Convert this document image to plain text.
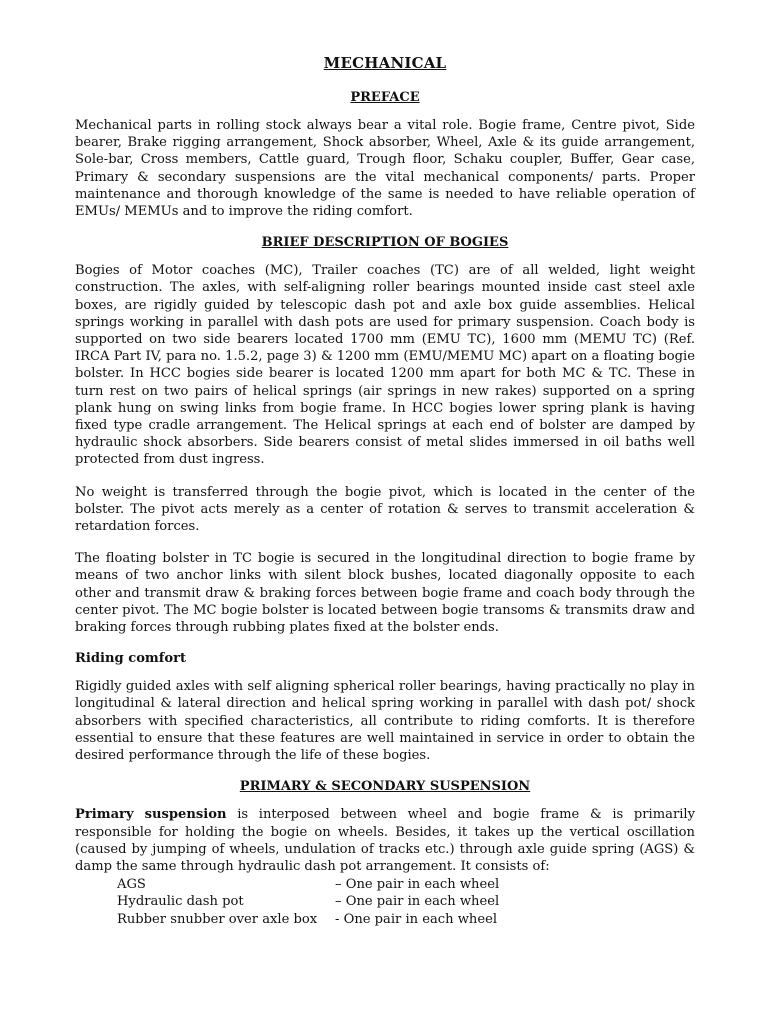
MECHANICAL
PREFACE

Mechanical parts in rolling stock always bear a vital role. Bogie frame, Centre pivot, Side bearer, Brake rigging arrangement, Shock absorber, Wheel, Axle & its guide arrangement, Sole-bar, Cross members, Cattle guard, Trough floor, Schaku coupler, Buffer, Gear case, Primary & secondary suspensions are the vital mechanical components/ parts. Proper maintenance and thorough knowledge of the same is needed to have reliable operation of EMUs/ MEMUs and to improve the riding comfort.

BRIEF DESCRIPTION OF BOGIES

Bogies of Motor coaches (MC), Trailer coaches (TC) are of all welded, light weight construction. The axles, with self-aligning roller bearings mounted inside cast steel axle boxes, are rigidly guided by telescopic dash pot and axle box guide assemblies. Helical springs working in parallel with dash pots are used for primary suspension. Coach body is supported on two side bearers located 1700 mm (EMU TC), 1600 mm (MEMU TC) (Ref. IRCA Part IV, para no. 1.5.2, page 3) & 1200 mm (EMU/MEMU MC) apart on a floating bogie bolster. In HCC bogies side bearer is located 1200 mm apart for both MC & TC. These in turn rest on two pairs of helical springs (air springs in new rakes) supported on a spring plank hung on swing links from bogie frame. In HCC bogies lower spring plank is having fixed type cradle arrangement. The Helical springs at each end of bolster are damped by hydraulic shock absorbers. Side bearers consist of metal slides immersed in oil baths well protected from dust ingress.

No weight is transferred through the bogie pivot, which is located in the center of the bolster. The pivot acts merely as a center of rotation & serves to transmit acceleration & retardation forces.

The floating bolster in TC bogie is secured in the longitudinal direction to bogie frame by means of two anchor links with silent block bushes, located diagonally opposite to each other and transmit draw & braking forces between bogie frame and coach body through the center pivot. The MC bogie bolster is located between bogie transoms & transmits draw and braking forces through rubbing plates fixed at the bolster ends.

Riding comfort

Rigidly guided axles with self aligning spherical roller bearings, having practically no play in longitudinal & lateral direction and helical spring working in parallel with dash pot/ shock absorbers with specified characteristics, all contribute to riding comforts. It is therefore essential to ensure that these features are well maintained in service in order to obtain the desired performance through the life of these bogies.

PRIMARY & SECONDARY SUSPENSION

Primary suspension is interposed between wheel and bogie frame & is primarily responsible for holding the bogie on wheels. Besides, it takes up the vertical oscillation (caused by jumping of wheels, undulation of tracks etc.) through axle guide spring (AGS) & damp the same through hydraulic dash pot arrangement. It consists of:

AGS	– One pair in each wheel
Hydraulic dash pot	– One pair in each wheel
Rubber snubber over axle box	- One pair in each wheel
